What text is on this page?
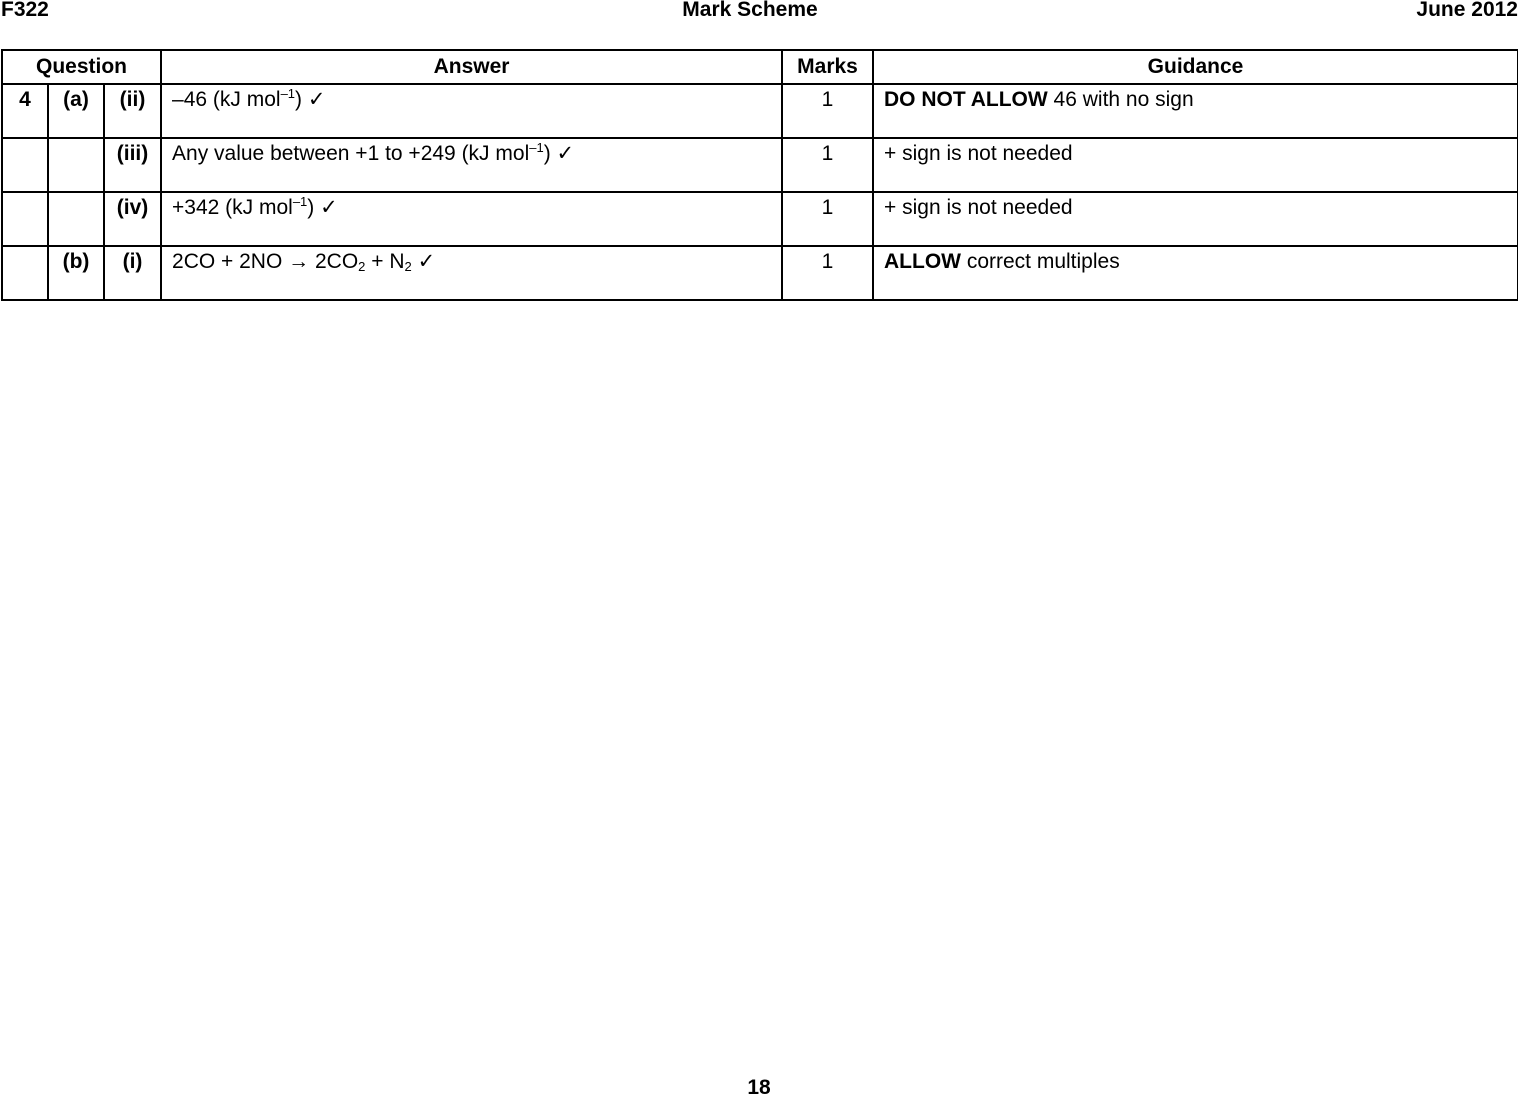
F322	Mark Scheme	June 2012
Question			Answer	Marks	Guidance
4	(a)	(ii)	–46 (kJ mol$^{-1}$) ✓	1	DO NOT ALLOW 46 with no sign
		(iii)	Any value between +1 to +249 (kJ mol$^{-1}$) ✓	1	+ sign is not needed
		(iv)	+342 (kJ mol$^{-1}$) ✓	1	+ sign is not needed
	(b)	(i)	$2CO + 2NO \to 2CO_2 + N_2$ ✓	1	ALLOW correct multiples
18
